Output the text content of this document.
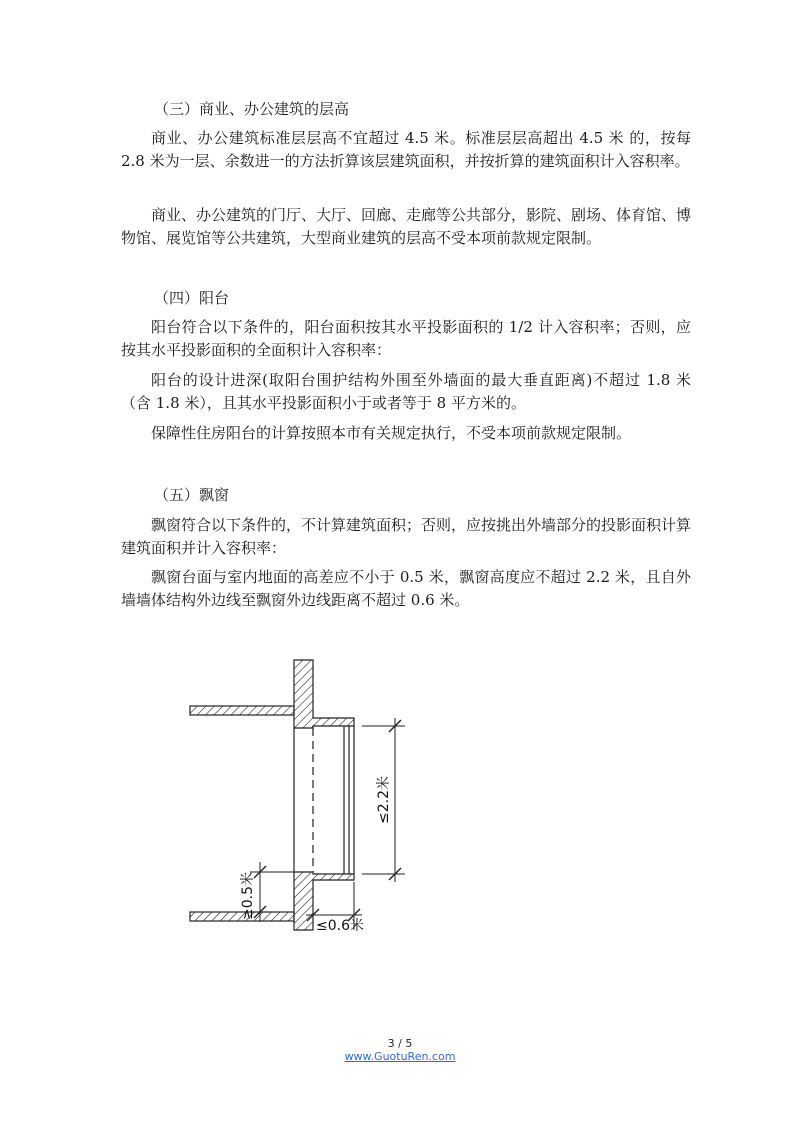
（三）商业、办公建筑的层高
商业、办公建筑标准层层高不宜超过 4.5 米。标准层层高超出 4.5 米 的，按每 2.8 米为一层、余数进一的方法折算该层建筑面积，并按折算的建筑面积计入容积率。
商业、办公建筑的门厅、大厅、回廊、走廊等公共部分，影院、剧场、体育馆、博物馆、展览馆等公共建筑，大型商业建筑的层高不受本项前款规定限制。
（四）阳台
阳台符合以下条件的，阳台面积按其水平投影面积的 1/2 计入容积率；否则，应按其水平投影面积的全面积计入容积率：
阳台的设计进深(取阳台围护结构外围至外墙面的最大垂直距离)不超过 1.8 米（含 1.8 米），且其水平投影面积小于或者等于 8 平方米的。
保障性住房阳台的计算按照本市有关规定执行，不受本项前款规定限制。
（五）飘窗
飘窗符合以下条件的，不计算建筑面积；否则，应按挑出外墙部分的投影面积计算建筑面积并计入容积率：
飘窗台面与室内地面的高差应不小于 0.5 米，飘窗高度应不超过 2.2 米，且自外墙墙体结构外边线至飘窗外边线距离不超过 0.6 米。
≤2.2米
≥0.5米
≤0.6米
3 / 5
www.GuotuRen.com
